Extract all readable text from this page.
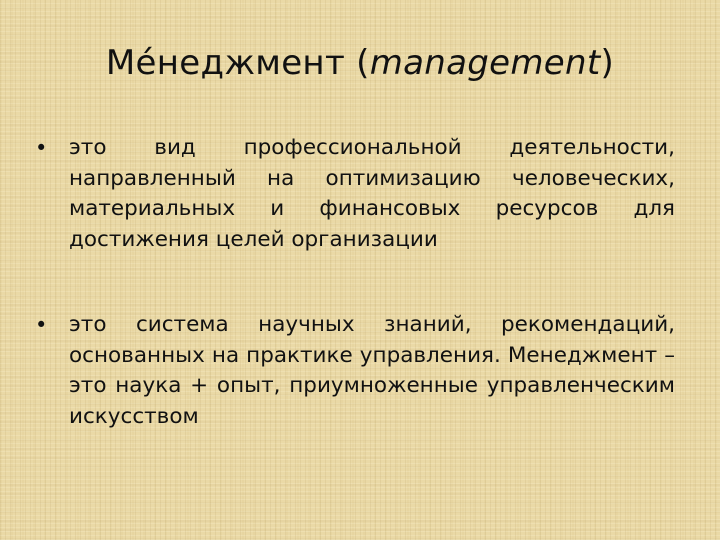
Ме́неджмент (management)
• это вид профессиональной деятельности, направленный на оптимизацию человеческих, материальных и финансовых ресурсов для достижения целей организации
• это система научных знаний, рекомендаций, основанных на практике управления. Менеджмент – это наука + опыт, приумноженные управленческим искусством
